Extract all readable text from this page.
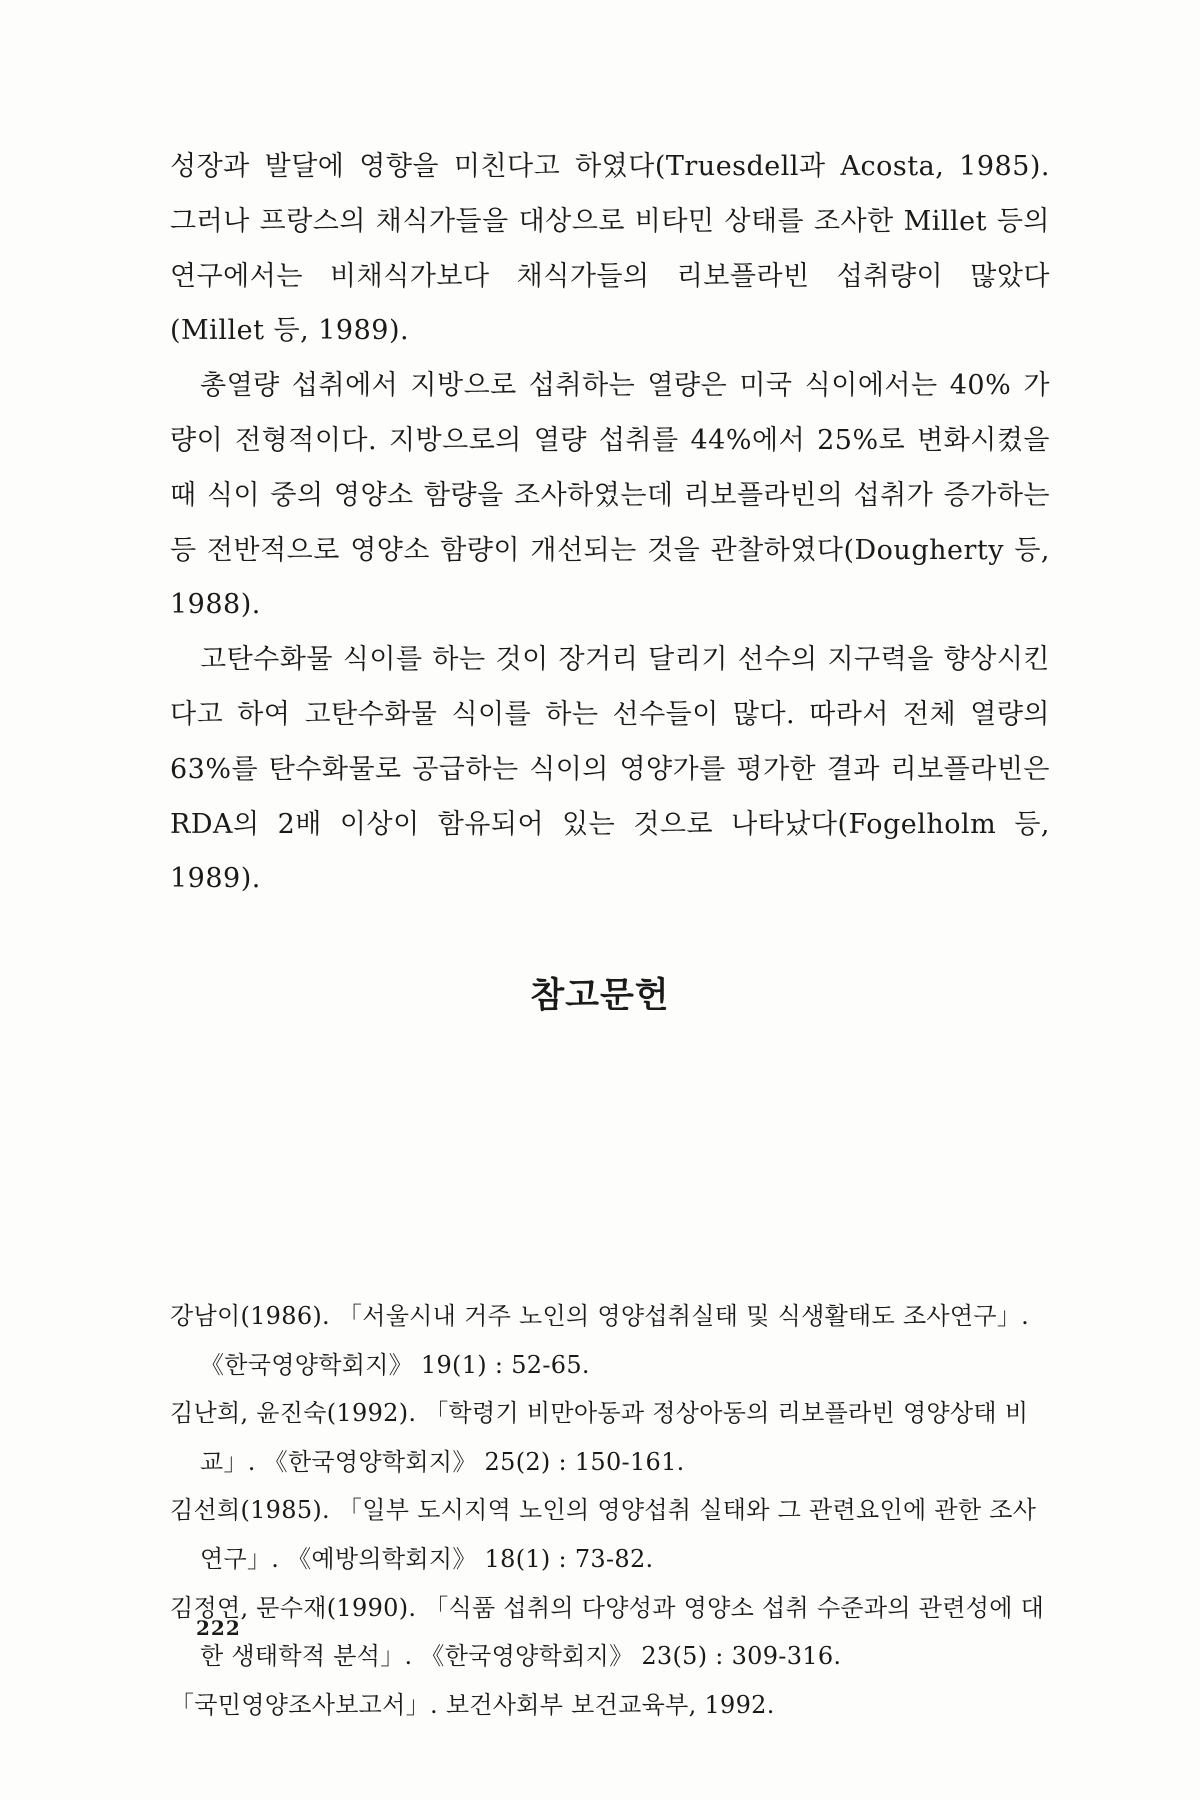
성장과 발달에 영향을 미친다고 하였다(Truesdell과 Acosta, 1985). 그러나 프랑스의 채식가들을 대상으로 비타민 상태를 조사한 Millet 등의 연구에서는 비채식가보다 채식가들의 리보플라빈 섭취량이 많았다(Millet 등, 1989).

총열량 섭취에서 지방으로 섭취하는 열량은 미국 식이에서는 40% 가량이 전형적이다. 지방으로의 열량 섭취를 44%에서 25%로 변화시켰을 때 식이 중의 영양소 함량을 조사하였는데 리보플라빈의 섭취가 증가하는 등 전반적으로 영양소 함량이 개선되는 것을 관찰하였다(Dougherty 등, 1988).

고탄수화물 식이를 하는 것이 장거리 달리기 선수의 지구력을 향상시킨다고 하여 고탄수화물 식이를 하는 선수들이 많다. 따라서 전체 열량의 63%를 탄수화물로 공급하는 식이의 영양가를 평가한 결과 리보플라빈은 RDA의 2배 이상이 함유되어 있는 것으로 나타났다(Fogelholm 등, 1989).

참고문헌

강남이(1986). 「서울시내 거주 노인의 영양섭취실태 및 식생활태도 조사연구」. 《한국영양학회지》 19(1) : 52-65.

김난희, 윤진숙(1992). 「학령기 비만아동과 정상아동의 리보플라빈 영양상태 비교」. 《한국영양학회지》 25(2) : 150-161.

김선희(1985). 「일부 도시지역 노인의 영양섭취 실태와 그 관련요인에 관한 조사연구」. 《예방의학회지》 18(1) : 73-82.

김정연, 문수재(1990). 「식품 섭취의 다양성과 영양소 섭취 수준과의 관련성에 대한 생태학적 분석」. 《한국영양학회지》 23(5) : 309-316.

「국민영양조사보고서」. 보건사회부 보건교육부, 1992.

222
